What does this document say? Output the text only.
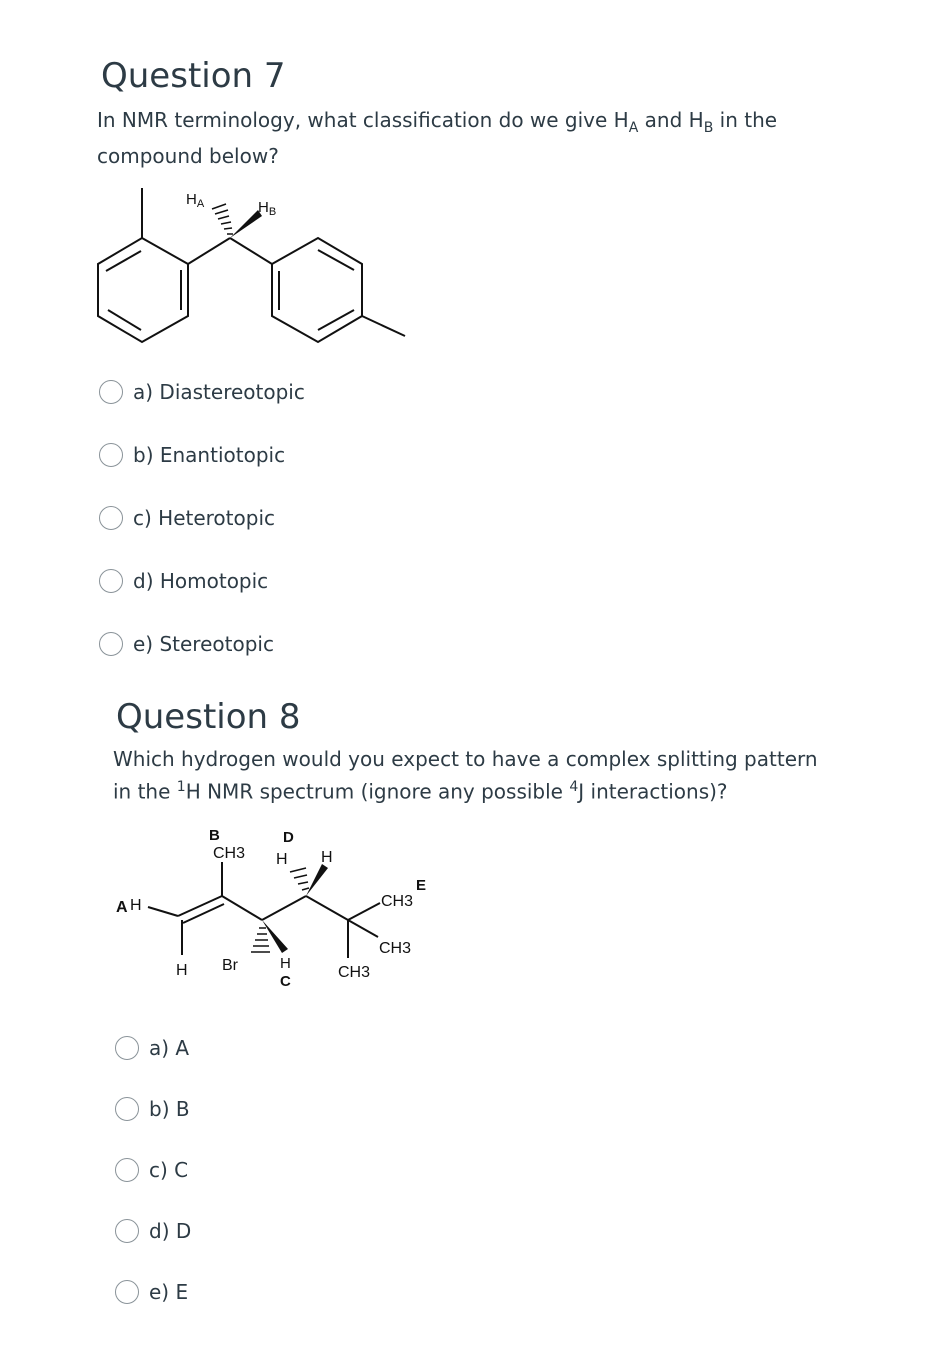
Question 7
In NMR terminology, what classification do we give $H_A$ and $H_B$ in the compound below?
$H_A$	$H_B$
a) Diastereotopic
b) Enantiotopic
c) Heterotopic
d) Homotopic
e) Stereotopic
Question 8
Which hydrogen would you expect to have a complex splitting pattern in the $^1$H NMR spectrum (ignore any possible $^4$J interactions)?
A H
B
CH3
D
H H
E
CH3
CH3
CH3
H Br	H
C
a) A
b) B
c) C
d) D
e) E
